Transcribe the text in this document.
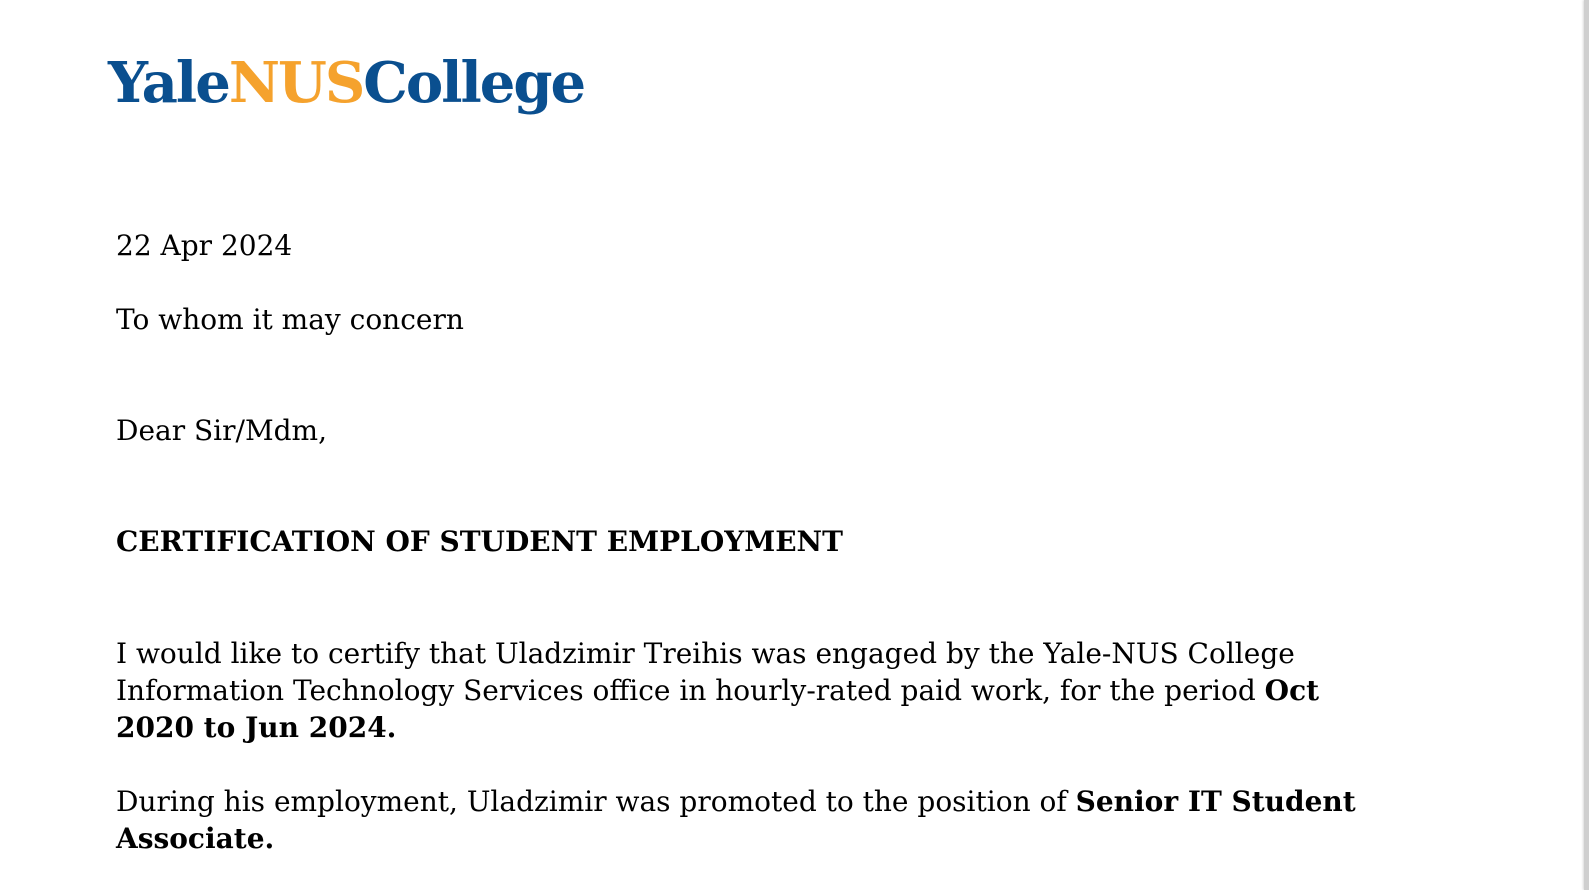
YaleNUSCollege

22 Apr 2024

To whom it may concern

Dear Sir/Mdm,

CERTIFICATION OF STUDENT EMPLOYMENT

I would like to certify that Uladzimir Treihis was engaged by the Yale-NUS College Information Technology Services office in hourly-rated paid work, for the period Oct 2020 to Jun 2024.

During his employment, Uladzimir was promoted to the position of Senior IT Student Associate.
